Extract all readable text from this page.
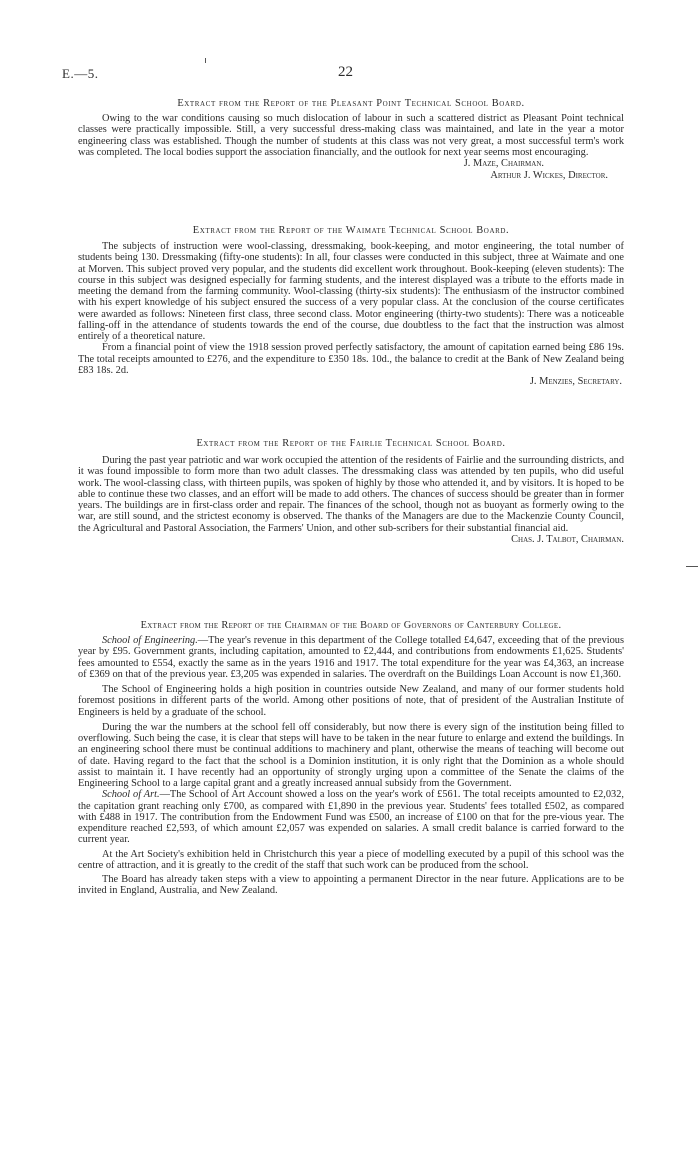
E.—5.	22

Extract from the Report of the Pleasant Point Technical School Board.

Owing to the war conditions causing so much dislocation of labour in such a scattered district as Pleasant Point technical classes were practically impossible. Still, a very successful dress-making class was maintained, and late in the year a motor engineering class was established. Though the number of students at this class was not very great, a most successful term's work was completed. The local bodies support the association financially, and the outlook for next year seems most encouraging.

J. Maze, Chairman.

Arthur J. Wickes, Director.

Extract from the Report of the Waimate Technical School Board.

The subjects of instruction were wool-classing, dressmaking, book-keeping, and motor engineering, the total number of students being 130. Dressmaking (fifty-one students): In all, four classes were conducted in this subject, three at Waimate and one at Morven. This subject proved very popular, and the students did excellent work throughout. Book-keeping (eleven students): The course in this subject was designed especially for farming students, and the interest displayed was a tribute to the efforts made in meeting the demand from the farming community. Wool-classing (thirty-six students): The enthusiasm of the instructor combined with his expert knowledge of his subject ensured the success of a very popular class. At the conclusion of the course certificates were awarded as follows: Nineteen first class, three second class. Motor engineering (thirty-two students): There was a noticeable falling-off in the attendance of students towards the end of the course, due doubtless to the fact that the instruction was almost entirely of a theoretical nature.

From a financial point of view the 1918 session proved perfectly satisfactory, the amount of capitation earned being £86 19s. The total receipts amounted to £276, and the expenditure to £350 18s. 10d., the balance to credit at the Bank of New Zealand being £83 18s. 2d.

J. Menzies, Secretary.

Extract from the Report of the Fairlie Technical School Board.

During the past year patriotic and war work occupied the attention of the residents of Fairlie and the surrounding districts, and it was found impossible to form more than two adult classes. The dressmaking class was attended by ten pupils, who did useful work. The wool-classing class, with thirteen pupils, was spoken of highly by those who attended it, and by visitors. It is hoped to be able to continue these two classes, and an effort will be made to add others. The chances of success should be greater than in former years. The buildings are in first-class order and repair. The finances of the school, though not as buoyant as formerly owing to the war, are still sound, and the strictest economy is observed. The thanks of the Managers are due to the Mackenzie County Council, the Agricultural and Pastoral Association, the Farmers' Union, and other sub-scribers for their substantial financial aid.
Chas. J. Talbot, Chairman.

Extract from the Report of the Chairman of the Board of Governors of Canterbury College.

School of Engineering.—The year's revenue in this department of the College totalled £4,647, exceeding that of the previous year by £95. Government grants, including capitation, amounted to £2,444, and contributions from endowments £1,625. Students' fees amounted to £554, exactly the same as in the years 1916 and 1917. The total expenditure for the year was £4,363, an increase of £369 on that of the previous year. £3,205 was expended in salaries. The overdraft on the Buildings Loan Account is now £1,360.

The School of Engineering holds a high position in countries outside New Zealand, and many of our former students hold foremost positions in different parts of the world. Among other positions of note, that of president of the Australian Institute of Engineers is held by a graduate of the school.

During the war the numbers at the school fell off considerably, but now there is every sign of the institution being filled to overflowing. Such being the case, it is clear that steps will have to be taken in the near future to enlarge and extend the buildings. In an engineering school there must be continual additions to machinery and plant, otherwise the means of teaching will become out of date. Having regard to the fact that the school is a Dominion institution, it is only right that the Dominion as a whole should assist to maintain it. I have recently had an opportunity of strongly urging upon a committee of the Senate the claims of the Engineering School to a large capital grant and a greatly increased annual subsidy from the Government.

School of Art.—The School of Art Account showed a loss on the year's work of £561. The total receipts amounted to £2,032, the capitation grant reaching only £700, as compared with £1,890 in the previous year. Students' fees totalled £502, as compared with £488 in 1917. The contribution from the Endowment Fund was £500, an increase of £100 on that for the pre-vious year. The expenditure reached £2,593, of which amount £2,057 was expended on salaries. A small credit balance is carried forward to the current year.

At the Art Society's exhibition held in Christchurch this year a piece of modelling executed by a pupil of this school was the centre of attraction, and it is greatly to the credit of the staff that such work can be produced from the school.

The Board has already taken steps with a view to appointing a permanent Director in the near future. Applications are to be invited in England, Australia, and New Zealand.
